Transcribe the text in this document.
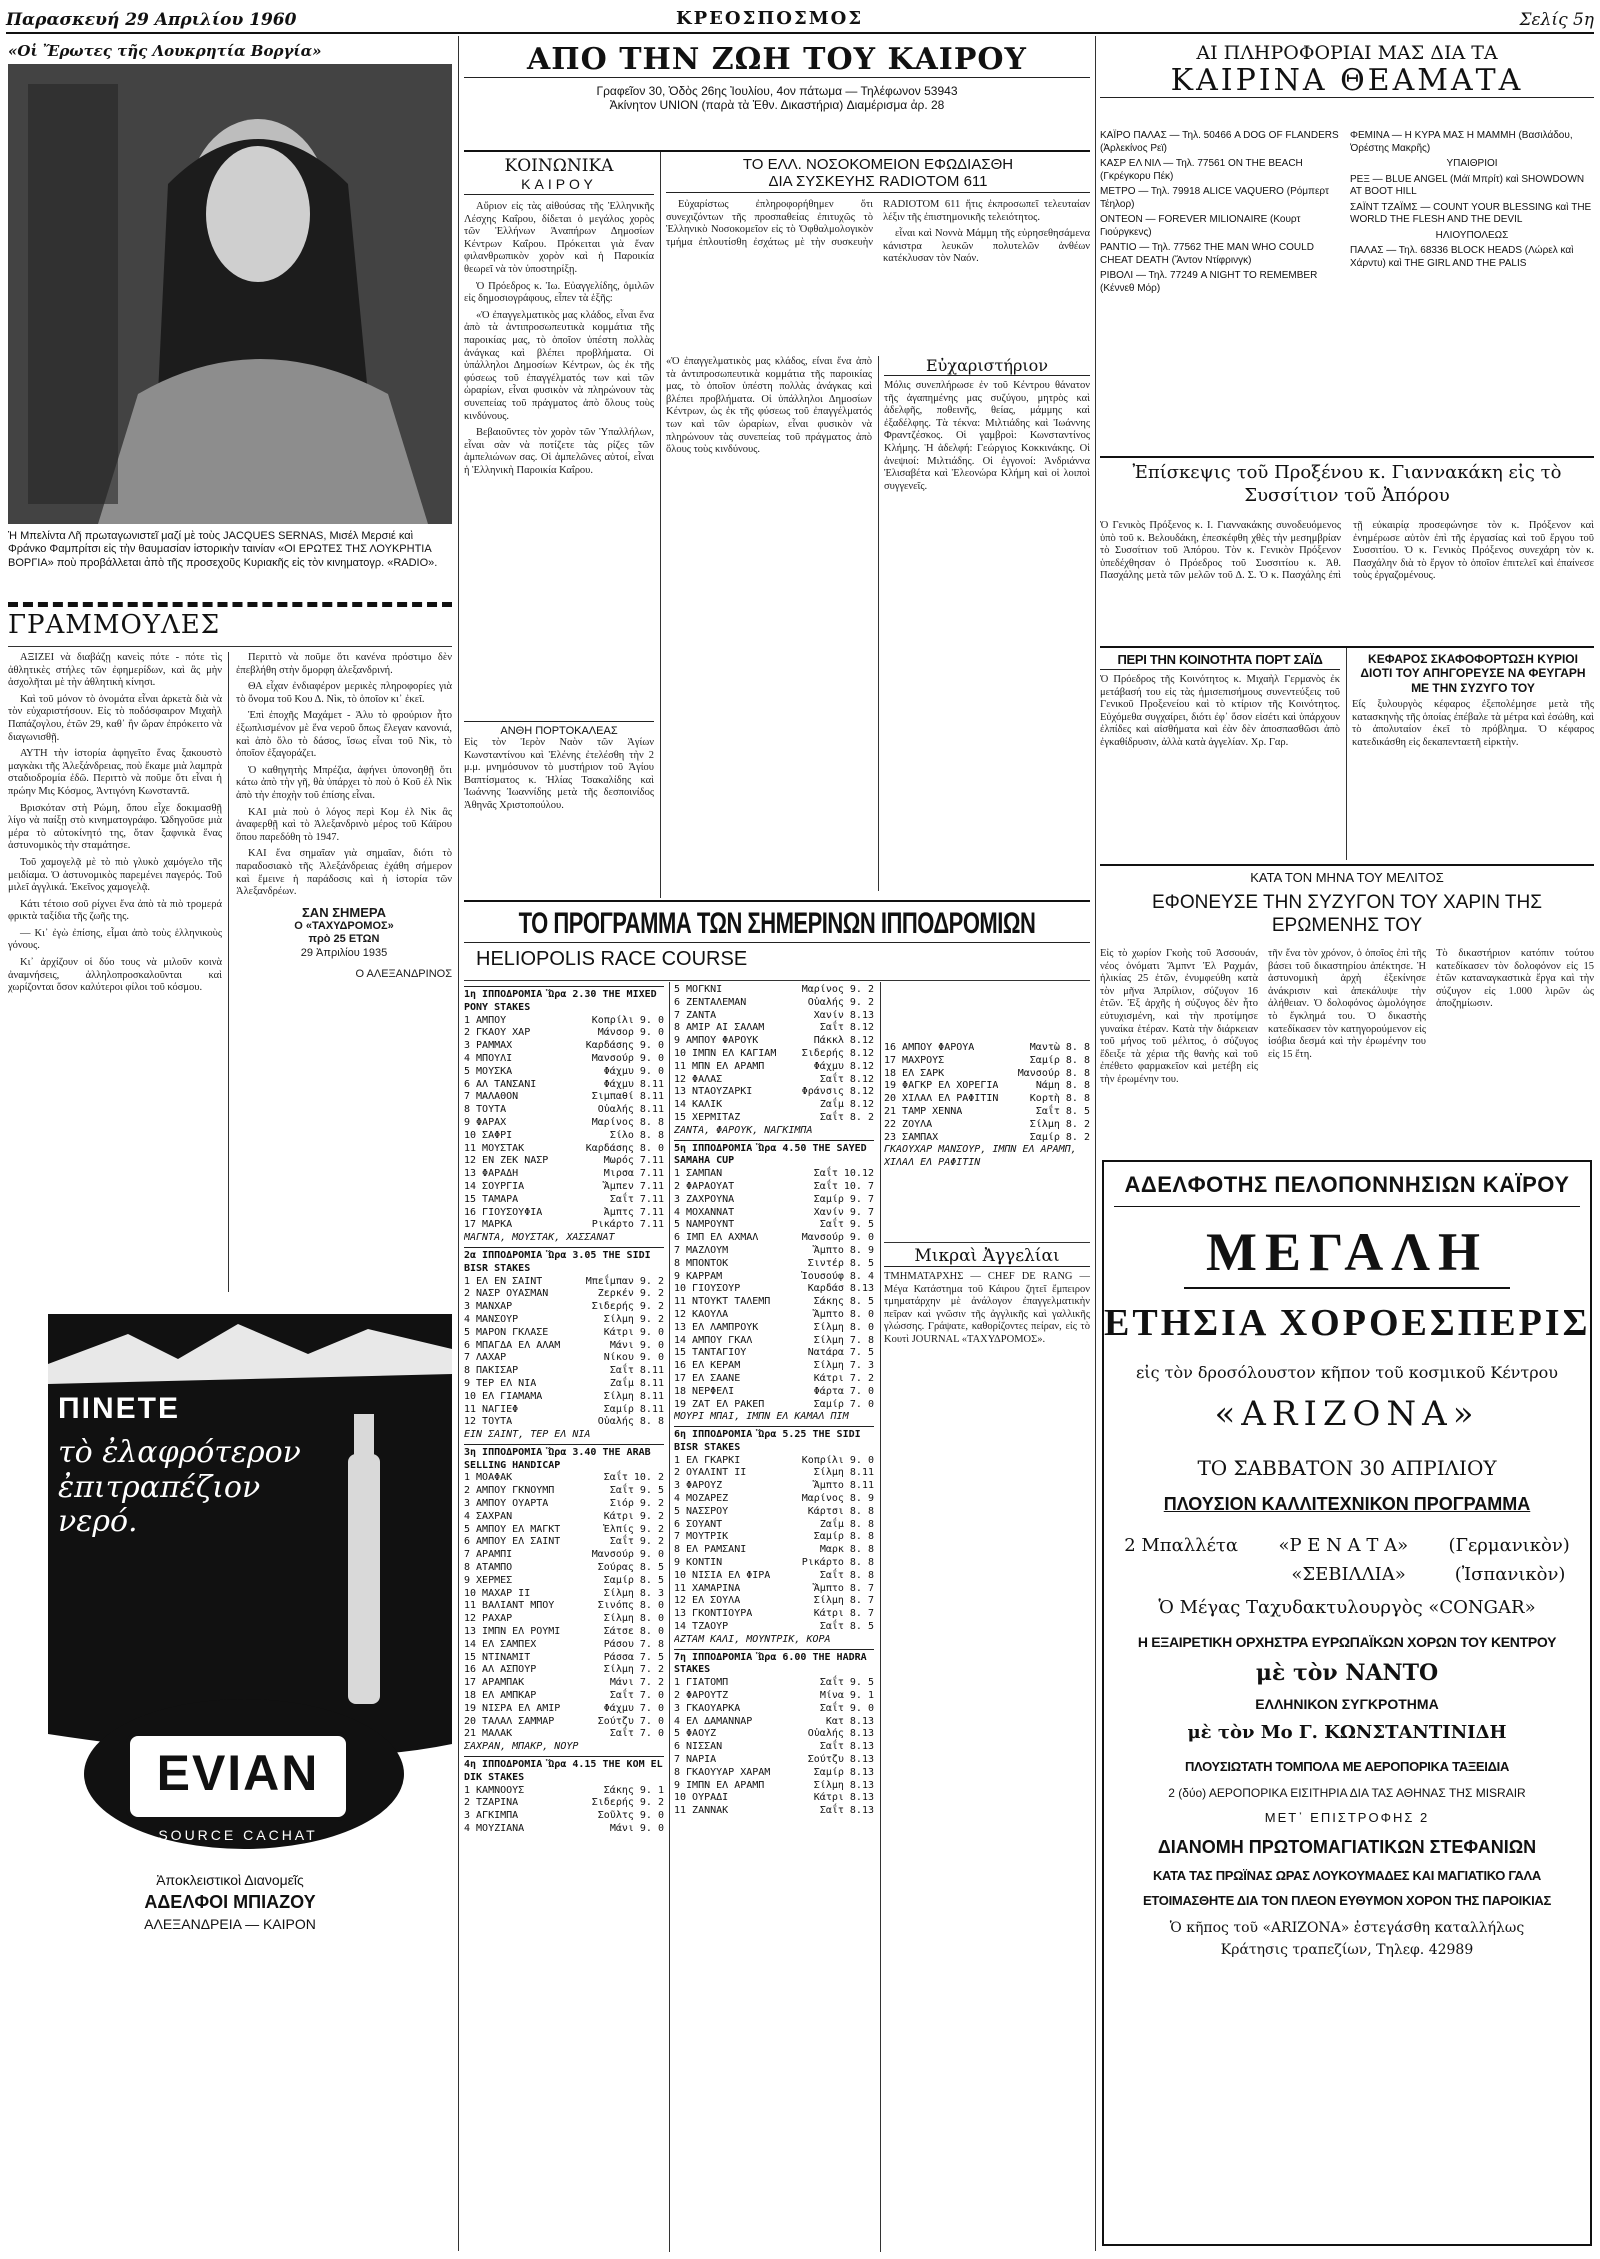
Παρασκευή 29 Απριλίου 1960	ΚΡΕΟΣΠΟΣΜΟΣ	Σελίς 5η
«Οἱ Ἔρωτες τῆς Λουκρητία Βοργία»
Ἡ Μπελίντα Λῆ πρωταγωνιστεῖ μαζί μὲ τοὺς JACQUES SERNAS, Μισέλ Μερσιέ καὶ Φράνκο Φαμπρίτσι εἰς τὴν θαυμασίαν ἱστορικὴν ταινίαν «ΟΙ ΕΡΩΤΕΣ ΤΗΣ ΛΟΥΚΡΗΤΙΑ ΒΟΡΓΙΑ» ποὺ προβάλλεται ἀπὸ τῆς προσεχοῦς Κυριακῆς εἰς τὸν κινηματογρ. «RADIO».
ΓΡΑΜΜΟΥΛΕΣ

ΑΞΙΖΕΙ νὰ διαβάζῃ κανεὶς πότε - πότε τὶς ἀθλητικὲς στήλες τῶν ἐφημερίδων, καὶ ἂς μὴν ἀσχολῆται μὲ τὴν ἀθλητικὴ κίνησι.

Καὶ τοῦ μόνον τὸ ὀνομάτα εἶναι ἀρκετὰ διὰ νὰ τὸν εὐχαριστήσουν. Εἰς τὸ ποδόσφαιρον Μιχαὴλ Παπάζογλου, ἐτῶν 29, καθ᾽ ἢν ὥραν ἐπρόκειτο νὰ διαγωνισθῇ.

ΑΥΤΗ τὴν ἱστορία ἀφηγεῖτο ἕνας ξακουστὸ μαγκὰκι τῆς Ἀλεξάνδρειας, ποὺ ἔκαμε μιὰ λαμπρὰ σταδιοδρομία ἐδῶ. Περιττὸ νὰ ποῦμε ὅτι εἶναι ἡ πρώην Μις Κόσμος, Ἀντιγόνη Κωνσταντᾶ.

Βρισκόταν στὴ Ρώμη, ὅπου εἶχε δοκιμασθῇ λίγο νὰ παίξῃ στὸ κινηματογράφο. Ὡδηγοῦσε μιὰ μέρα τὸ αὐτοκίνητό της, ὅταν ξαφνικὰ ἕνας ἀστυνομικὸς τὴν σταμάτησε.

Τοῦ χαμογελᾷ μὲ τὸ πιὸ γλυκὸ χαμόγελο τῆς μειδίαμα. Ὁ ἀστυνομικὸς παρεμένει παγερός. Τοῦ μιλεῖ ἀγγλικά. Ἐκεῖνος χαμογελᾷ.

Κάτι τέτοιο σοῦ ρίχνει ἕνα ἀπὸ τὰ πιὸ τρομερά φρικτὰ ταξίδια τῆς ζωῆς της.

— Κι᾽ ἐγὼ ἐπίσης, εἶμαι ἀπὸ τοὺς ἑλληνικοὺς γόνους.

Κι᾽ ἀρχίζουν οἱ δύο τους νὰ μιλοῦν κοινὰ ἀναμνήσεις, ἀλληλοπροσκαλοῦνται καὶ χωρίζονται ὅσον καλύτεροι φίλοι τοῦ κόσμου.

Περιττὸ νὰ ποῦμε ὅτι κανένα πρόστιμο δὲν ἐπεβλήθη στὴν ὄμορφη ἀλεξανδρινή.

ΘΑ εἶχαν ἐνδιαφέρον μερικὲς πληροφορίες γιὰ τὸ ὄνομα τοῦ Κου Δ. Νὶκ, τὸ ὁποῖον κι᾽ ἐκεῖ.

Ἐπὶ ἐποχῆς Μαχάμετ - Ἀλυ τὸ φρούριον ἦτο ἐξωπλισμένον μὲ ἕνα νεροῦ ὅπως ἔλεγαν κανονιά, καὶ ἀπὸ ὅλο τὸ δάσος, ἴσως εἶναι τοῦ Νὶκ, τὸ ὁποῖον ἐξαγοράζει.

Ὁ καθηγητὴς Μπρέζια, ἀφήνει ὑπονοηθῇ ὅτι κάτω ἀπὸ τὴν γῆ, θὰ ὑπάρχει τὸ ποὺ ὁ Κοῦ ἐλ Νὶκ ἀπὸ τὴν ἐποχὴν τοῦ ἐπίσης εἶναι.

ΚΑΙ μιὰ ποὺ ὁ λόγος περὶ Κομ ἐλ Νὶκ ἂς ἀναφερθῇ καὶ τὸ Ἀλεξανδρινὸ μέρος τοῦ Κάϊρου ὅπου παρεδόθη τὸ 1947.

ΚΑΙ ἕνα σημαῖαν γιὰ σημαῖαν, διότι τὸ παραδοσιακὸ τῆς Ἀλεξάνδρειας ἐχάθη σήμερον καὶ ἔμεινε ἡ παράδοσις καὶ ἡ ἰστορία τῶν Ἀλεξανδρέων.

ΣΑΝ ΣΗΜΕΡΑ
Ο «ΤΑΧΥΔΡΟΜΟΣ»
πρὸ 25 ΕΤΩΝ
29 Ἀπριλίου 1935
Ο ΑΛΕΞΑΝΔΡΙΝΟΣ
ΠΙΝΕΤΕ
τὸ ἐλαφρότερον ἐπιτραπέζιον νερό.
EVIAN
SOURCE CACHAT
Ἀποκλειστικοὶ Διανομεῖς
ΑΔΕΛΦΟΙ ΜΠΙΑΖΟΥ
ΑΛΕΞΑΝΔΡΕΙΑ — ΚΑΙΡΟΝ
ΑΠΟ ΤΗΝ ΖΩΗ ΤΟΥ ΚΑΙΡΟΥ
Γραφεῖον 30, Ὁδὸς 26ης Ἰουλίου, 4ον πάτωμα — Τηλέφωνον 53943
Ἀκίνητον UNION (παρὰ τὰ Ἐθν. Δικαστήρια) Διαμέρισμα ἀρ. 28
ΚΟΙΝΩΝΙΚΑ
ΚΑΙΡΟΥ

Αὔριον εἰς τὰς αἰθούσας τῆς Ἑλληνικῆς Λέσχης Καΐρου, δίδεται ὁ μεγάλος χορὸς τῶν Ἑλλήνων Ἀναπήρων Δημοσίων Κέντρων Καΐρου. Πρόκειται γιὰ ἕναν φιλανθρωπικὸν χορὸν καὶ ἡ Παροικία θεωρεῖ νὰ τὸν ὑποστηρίξῃ.

Ὁ Πρόεδρος κ. Ἰω. Εὐαγγελίδης, ὁμιλῶν εἰς δημοσιογράφους, εἶπεν τὰ ἑξῆς:

«Ὁ ἐπαγγελματικὸς μας κλάδος, εἶναι ἕνα ἀπὸ τὰ ἀντιπροσωπευτικὰ κομμάτια τῆς παροικίας μας, τὸ ὁποῖον ὑπέστη πολλὰς ἀνάγκας καὶ βλέπει προβλήματα. Οἱ ὑπάλληλοι Δημοσίων Κέντρων, ὡς ἐκ τῆς φύσεως τοῦ ἐπαγγέλματός των καὶ τῶν ὡραρίων, εἶναι φυσικὸν νὰ πληρώνουν τὰς συνεπείας τοῦ πράγματος ἀπὸ ὅλους τοὺς κινδύνους.

Βεβαιοῦντες τὸν χορὸν τῶν Ὑπαλλήλων, εἶναι σὰν νὰ ποτίζετε τὰς ρίζες τῶν ἀμπελιώνων σας. Οἱ ἀμπελῶνες αὐτοί, εἶναι ἡ Ἑλληνικὴ Παροικία Καΐρου.

ΑΝΘΗ ΠΟΡΤΟΚΑΛΕΑΣ
Εἰς τὸν Ἱερὸν Ναὸν τῶν Ἁγίων Κωνσταντίνου καὶ Ἑλένης ἐτελέσθη τὴν 2 μ.μ. μνημόσυνον τὸ μυστήριον τοῦ Ἁγίου Βαπτίσματος κ. Ἠλίας Τσακαλίδης καὶ Ἰωάννης Ἰωαννίδης μετὰ τῆς δεσποινίδος Ἀθηνᾶς Χριστοπούλου.
ΤΟ ΕΛΛ. ΝΟΣΟΚΟΜΕΙΟΝ ΕΦΩΔΙΑΣΘΗ
ΔΙΑ ΣΥΣΚΕΥΗΣ RADIOTOM 611

Εὐχαρίστως ἐπληροφορήθημεν ὅτι συνεχιζόντων τῆς προσπαθείας ἐπιτυχῶς τὸ Ἑλληνικὸ Νοσοκομεῖον εἰς τὸ Ὀφθαλμολογικὸν τμήμα ἐπλουτίσθη ἐσχάτως μὲ τὴν συσκευὴν RADIOTOM 611 ἥτις ἐκπροσωπεῖ τελευταίαν λέξιν τῆς ἐπιστημονικῆς τελειότητος.

εἶναι καὶ Νοννὰ Μάμμη τῆς εὐρησεθησάμενα κάνιστρα λευκῶν πολυτελῶν ἀνθέων κατέκλυσαν τὸν Ναόν.

«Ὁ ἐπαγγελματικὸς μας κλάδος, εἶναι ἕνα ἀπὸ τὰ ἀντιπροσωπευτικὰ κομμάτια τῆς παροικίας μας, τὸ ὁποῖον ὑπέστη πολλὰς ἀνάγκας καὶ βλέπει προβλήματα. Οἱ ὑπάλληλοι Δημοσίων Κέντρων, ὡς ἐκ τῆς φύσεως τοῦ ἐπαγγέλματός των καὶ τῶν ὡραρίων, εἶναι φυσικὸν νὰ πληρώνουν τὰς συνεπείας τοῦ πράγματος ἀπὸ ὅλους τοὺς κινδύνους.
Εὐχαριστήριον
Μόλις συνεπλήρωσε ἐν τοῦ Κέντρου θάνατον τῆς ἀγαπημένης μας συζύγου, μητρὸς καὶ ἀδελφῆς, ποθεινῆς, θείας, μάμμης καὶ ἐξαδέλφης. Τὰ τέκνα: Μιλτιάδης καὶ Ἰωάννης Φραντζέσκος. Οἱ γαμβροὶ: Κωνσταντίνος Κλήμης. Ἡ ἀδελφή: Γεώργιος Κοκκινάκης. Οἱ ἀνεψιοί: Μιλτιάδης. Οἱ ἐγγονοί: Ἀνδριάννα Ἐλισαβέτα καὶ Ἐλεονώρα Κλήμη καὶ οἱ λοιποὶ συγγενεῖς.
ΤΟ ΠΡΟΓΡΑΜΜΑ ΤΩΝ ΣΗΜΕΡΙΝΩΝ ΙΠΠΟΔΡΟΜΙΩΝ
HELIOPOLIS RACE COURSE
1η ΙΠΠΟΔΡΟΜΙΑ Ὥρα 2.30 THE MIXED PONY STAKES
1 ΑΜΠΟΥ	Κοπρίλι 9. 0
2 ΓΚΑΟΥ ΧΑΡ	Μάνσορ 9. 0
3 ΡΑΜΜΑΧ	Καρδάσης 9. 0
4 ΜΠΟΥΛΙ	Μανσούρ 9. 0
5 ΜΟΥΣΚΑ	Φάχμυ 9. 0
6 ΑΛ ΤΑΝΣΑΝΙ	Φάχμυ 8.11
7 ΜΑΛΑΘΟΝ	Σιμπαθί 8.11
8 ΤΟΥΤΑ	Οὐαλής 8.11
9 ΦΑΡΑΧ	Μαρίνος 8. 8
10 ΣΑΦΡΙ	Σίλο 8. 8
11 ΜΟΥΣΤΑΚ	Καρδάσης 8. 0
12 ΕΝ ΖΕΚ ΝΑΣΡ	Μωρός 7.11
13 ΦΑΡΑΔΗ	Μιρσα 7.11
14 ΣΟΥΡΓΙΑ	Ἄμπεν 7.11
15 ΤΑΜΑΡΑ	Σαΐτ 7.11
16 ΓΙΟΥΣΟΥΦΙΑ	Ἀμπτς 7.11
17 ΜΑΡΚΑ	Ρικάρτο 7.11
ΜΑΓΝΤΑ, ΜΟΥΣΤΑΚ, ΧΑΣΣΑΝΑΤ
2α ΙΠΠΟΔΡΟΜΙΑ Ὥρα 3.05 THE SIDI BISR STAKES
1 ΕΛ ΕΝ ΣΑΪΝΤ	Μπεΐμπαν 9. 2
2 ΝΑΣΡ ΟΥΑΣΜΑΝ	Ζερκέν 9. 2
3 ΜΑΝΧΑΡ	Σιδερής 9. 2
4 ΜΑΝΣΟΥΡ	Σίλμη 9. 2
5 ΜΑΡΟΝ ΓΚΛΑΣΕ	Κάτρι 9. 0
6 ΜΠΑΓΔΑ ΕΛ ΑΛΑΜ	Μάνι 9. 0
7 ΛΑΧΑΡ	Νίκου 9. 0
8 ΠΑΚΙΣΑΡ	Σαΐτ 8.11
9 ΤΕΡ ΕΛ ΝΙΑ	Ζαΐμ 8.11
10 ΕΛ ΓΙΑΜΑΜΑ	Σίλμη 8.11
11 ΝΑΓΙΕΦ	Σαμίρ 8.11
12 ΤΟΥΤΑ	Οὐαλής 8. 8
ΕΙΝ ΣΑΙΝΤ, ΤΕΡ ΕΛ ΝΙΑ
3η ΙΠΠΟΔΡΟΜΙΑ Ὥρα 3.40 THE ARAB SELLING HANDICAP
1 ΜΟΑΦΑΚ	Σαΐτ 10. 2
2 ΑΜΠΟΥ ΓΚΝΟΥΜΠ	Σαΐτ 9. 5
3 ΑΜΠΟΥ ΟΥΑΡΤΑ	Σιόρ 9. 2
4 ΣΑΧΡΑΝ	Κάτρι 9. 2
5 ΑΜΠΟΥ ΕΛ ΜΑΓΚΤ	Ἐλπίς 9. 2
6 ΑΜΠΟΥ ΕΛ ΣΑΙΝΤ	Σαΐτ 9. 2
7 ΑΡΑΜΠΙ	Μανσούρ 9. 0
8 ΑΤΑΜΠΟ	Σούρας 8. 5
9 ΧΕΡΜΕΣ	Σαμίρ 8. 5
10 ΜΑΧΑΡ ΙΙ	Σίλμη 8. 3
11 ΒΑΛΙΑΝΤ ΜΠΟΥ	Σινόπς 8. 0
12 ΡΑΧΑΡ	Σίλμη 8. 0
13 ΙΜΠΝ ΕΛ ΡΟΥΜΙ	Σάτσε 8. 0
14 ΕΛ ΣΑΜΠΕΧ	Ράσου 7. 8
15 ΝΤΙΝΑΜΙΤ	Ράσσα 7. 5
16 ΑΛ ΑΣΠΟΥΡ	Σίλμη 7. 2
17 ΑΡΑΜΠΑΚ	Μάνι 7. 2
18 ΕΛ ΑΜΠΚΑΡ	Σαΐτ 7. 0
19 ΝΙΣΡΑ ΕΛ ΑΜΙΡ	Φάχμυ 7. 0
20 ΤΑΛΑΛ ΣΑΜΜΑΡ	Σούτζυ 7. 0
21 ΜΑΛΑΚ	Σαΐτ 7. 0
ΣΑΧΡΑΝ, ΜΠΑΚΡ, ΝΟΥΡ
4η ΙΠΠΟΔΡΟΜΙΑ Ὥρα 4.15 THE KOM EL DIK STAKES
1 ΚΑΜΝΟΟΥΣ	Σάκης 9. 1
2 ΤΖΑΡΙΝΑ	Σιδερής 9. 2
3 ΑΓΚΙΜΠΑ	Σοῦλτς 9. 0
4 ΜΟΥΖΙΑΝΑ	Μάνι 9. 0
5 ΜΟΓΚΝΙ	Μαρίνος 9. 2
6 ΖΕΝΤΑΛΕΜΑΝ	Οὐαλής 9. 2
7 ΖΑΝΤΑ	Χανίν 8.13
8 ΑΜΙΡ ΑΙ ΣΑΛΑΜ	Σαΐτ 8.12
9 ΑΜΠΟΥ ΦΑΡΟΥΚ	Πάκκλ 8.12
10 ΙΜΠΝ ΕΛ ΚΑΓΙΑΜ	Σιδερής 8.12
11 ΜΠΝ ΕΛ ΑΡΑΜΠ	Φάχμυ 8.12
12 ΦΑΛΑΣ	Σαΐτ 8.12
13 ΝΤΑΟΥΖΑΡΚΙ	Φράνσις 8.12
14 ΚΑΛΙΚ	Ζαΐμ 8.12
15 ΧΕΡΜΙΤΑΖ	Σαΐτ 8. 2
ΖΑΝΤΑ, ΦΑΡΟΥΚ, ΝΑΓΚΙΜΠΑ
5η ΙΠΠΟΔΡΟΜΙΑ Ὥρα 4.50 THE SAYED SAMAHA CUP
1 ΣΑΜΠΑΝ	Σαΐτ 10.12
2 ΦΑΡΑΟΥΑΤ	Σαΐτ 10. 7
3 ΖΑΧΡΟΥΝΑ	Σαμίρ 9. 7
4 ΜΟΧΑΝΝΑΤ	Χανίν 9. 7
5 ΝΑΜΡΟΥΝΤ	Σαΐτ 9. 5
6 ΙΜΠ ΕΛ ΑΧΜΑΛ	Μανσούρ 9. 0
7 ΜΑΖΛΟΥΜ	Ἄμπτο 8. 9
8 ΜΠΟΝΤΟΚ	Σιντέρ 8. 5
9 ΚΑΡΡΑΜ	Ἰουσούφ 8. 4
10 ΓΙΟΥΣΟΥΡ	Καρδάσ 8.13
11 ΝΤΟΥΚΤ ΤΑΛΕΜΠ	Σάκης 8. 5
12 ΚΑΟΥΛΑ	Ἄμπτο 8. 0
13 ΕΛ ΛΑΜΠΡΟΥΚ	Σίλμη 8. 0
14 ΑΜΠΟΥ ΓΚΑΛ	Σίλμη 7. 8
15 ΤΑΝΤΑΓΙΟΥ	Νατάρα 7. 5
16 ΕΛ ΚΕΡΑΜ	Σίλμη 7. 3
17 ΕΛ ΣΑΑΝΕ	Κάτρι 7. 2
18 ΝΕΡΦΕΛΙ	Φάρτα 7. 0
19 ΖΑΤ ΕΛ ΡΑΚΕΠ	Σαμίρ 7. 0
ΜΟΥΡΙ ΜΠΑΙ, ΙΜΠΝ ΕΛ ΚΑΜΑΛ ΠΙΜ
6η ΙΠΠΟΔΡΟΜΙΑ Ὥρα 5.25 THE SIDI BISR STAKES
1 ΕΛ ΓΚΑΡΚΙ	Κοπρίλι 9. 0
2 ΟΥΑΛΙΝΤ ΙΙ	Σίλμη 8.11
3 ΦΑΡΟΥΖ	Ἄμπτο 8.11
4 ΜΟΖΑΡΕΖ	Μαρίνος 8. 9
5 ΝΑΣΣΡΟΥ	Κάρτσι 8. 8
6 ΣΟΥΑΝΤ	Ζαΐμ 8. 8
7 ΜΟΥΤΡΙΚ	Σαμίρ 8. 8
8 ΕΛ ΡΑΜΣΑΝΙ	Μαρκ 8. 8
9 ΚΟΝΤΙΝ	Ρικάρτο 8. 8
10 ΝΙΣΙΑ ΕΛ ΦΙΡΑ	Σαΐτ 8. 8
11 ΧΑΜΑΡΙΝΑ	Ἄμπτο 8. 7
12 ΕΛ ΣΟΥΛΑ	Σίλμη 8. 7
13 ΓΚΟΝΤΙΟΥΡΑ	Κάτρι 8. 7
14 ΤΖΑΟΥΡ	Σαΐτ 8. 5
ΑΖΤΑΜ ΚΑΛΙ, ΜΟΥΝΤΡΙΚ, ΚΟΡΑ
7η ΙΠΠΟΔΡΟΜΙΑ Ὥρα 6.00 THE HADRA STAKES
1 ΓΙΑΤΟΜΠ	Σαΐτ 9. 5
2 ΦΑΡΟΥΤΖ	Μίνα 9. 1
3 ΓΚΑΟΥΑΡΚΑ	Σαΐτ 9. 0
4 ΕΛ ΔΑΜΑΝΝΑΡ	Κατ 8.13
5 ΦΑΟΥΖ	Οὐαλής 8.13
6 ΝΙΣΣΑΝ	Σαΐτ 8.13
7 ΝΑΡΙΑ	Σούτζυ 8.13
8 ΓΚΑΟΥΥΑΡ ΧΑΡΑΜ	Σαμίρ 8.13
9 ΙΜΠΝ ΕΛ ΑΡΑΜΠ	Σίλμη 8.13
10 ΟΥΡΑΔΙ	Κάτρι 8.13
11 ΖΑΝΝΑΚ	Σαΐτ 8.13
16 ΑΜΠΟΥ ΦΑΡΟΥΑ	Μαντὼ 8. 8
17 ΜΑΧΡΟΥΣ	Σαμίρ 8. 8
18 ΕΛ ΣΑΡΚ	Μανσούρ 8. 8
19 ΦΑΓΚΡ ΕΛ ΧΟΡΕΓΙΑ	Νάμη 8. 8
20 ΧΙΛΑΛ ΕΛ ΡΑΦΙΤΙΝ	Κορτὴ 8. 8
21 ΤΑΜΡ ΧΕΝΝΑ	Σαΐτ 8. 5
22 ΖΟΥΛΑ	Σίλμη 8. 2
23 ΣΑΜΠΑΧ	Σαμίρ 8. 2
ΓΚΑΟΥΧΑΡ ΜΑΝΣΟΥΡ, ΙΜΠΝ ΕΛ ΑΡΑΜΠ, ΧΙΛΑΛ ΕΛ ΡΑΦΙΤΙΝ
Μικραὶ Ἀγγελίαι
ΤΜΗΜΑΤΑΡΧΗΣ — CHEF DE RANG — Μέγα Κατάστημα τοῦ Κάιρου ζητεῖ ἔμπειρον τμηματάρχην μὲ ἀνάλογον ἐπαγγελματικὴν πεῖραν καὶ γνῶσιν τῆς ἀγγλικῆς καὶ γαλλικῆς γλώσσης. Γράψατε, καθορίζοντες πείραν, εἰς τὸ Κουτὶ JOURNAL «ΤΑΧΥΔΡΟΜΟΣ».
ΑΙ ΠΛΗΡΟΦΟΡΙΑΙ ΜΑΣ ΔΙΑ ΤΑ
ΚΑΙΡΙΝΑ ΘΕΑΜΑΤΑ
ΚΑΪΡΟ ΠΑΛΑΣ — Τηλ. 50466 A DOG OF FLANDERS (Ἀρλεκίνος Ρεϊ)
ΚΑΣΡ ΕΛ ΝΙΛ — Τηλ. 77561 ON THE BEACH (Γκρέγκορυ Πέκ)
ΜΕΤΡΟ — Τηλ. 79918 ALICE VAQUERO (Ρόμπερτ Τέηλορ)
ΟΝΤΕΟΝ — FOREVER MILIONAIRE (Κουρτ Γιούργκενς)
ΡΑΝΤΙΟ — Τηλ. 77562 THE MAN WHO COULD CHEAT DEATH (Ἄντον Ντίφρινγκ)
ΡΙΒΟΛΙ — Τηλ. 77249 A NIGHT TO REMEMBER (Κέννεθ Μόρ)
ΦΕΜΙΝΑ — Η ΚΥΡΑ ΜΑΣ Η ΜΑΜΜΗ (Βασιλάδου, Ὀρέστης Μακρῆς)
ΥΠΑΙΘΡΙΟΙ
ΡΕΞ — BLUE ANGEL (Μάϊ Μπρίτ) καὶ SHOWDOWN AT BOOT HILL
ΣΑΪΝΤ ΤΖΑΪΜΣ — COUNT YOUR BLESSING καὶ THE WORLD THE FLESH AND THE DEVIL
ΗΛΙΟΥΠΟΛΕΩΣ
ΠΑΛΑΣ — Τηλ. 68336 BLOCK HEADS (Λώρελ καὶ Χάρντυ) καὶ THE GIRL AND THE PALIS
Ἐπίσκεψις τοῦ Προξένου κ. Γιαννακάκη εἰς τὸ Συσσίτιον τοῦ Ἀπόρου
Ὁ Γενικὸς Πρόξενος κ. Ι. Γιαννακάκης συνοδευόμενος ὑπὸ τοῦ κ. Βελουδάκη, ἐπεσκέφθη χθὲς τὴν μεσημβρίαν τὸ Συσσίτιον τοῦ Ἀπόρου. Τὸν κ. Γενικὸν Πρόξενον ὑπεδέχθησαν ὁ Πρόεδρος τοῦ Συσσιτίου κ. Ἀθ. Πασχάλης μετὰ τῶν μελῶν τοῦ Δ. Σ. Ὁ κ. Πασχάλης ἐπὶ τῇ εὐκαιρίᾳ προσεφώνησε τὸν κ. Πρόξενον καὶ ἐνημέρωσε αὐτὸν ἐπὶ τῆς ἐργασίας καὶ τοῦ ἔργου τοῦ Συσσιτίου. Ὁ κ. Γενικὸς Πρόξενος συνεχάρη τὸν κ. Πασχάλην διὰ τὸ ἔργον τὸ ὁποῖον ἐπιτελεῖ καὶ ἐπαίνεσε τοὺς ἐργαζομένους.
ΠΕΡΙ ΤΗΝ ΚΟΙΝΟΤΗΤΑ ΠΟΡΤ ΣΑΪΔ
Ὁ Πρόεδρος τῆς Κοινότητος κ. Μιχαὴλ Γερμανὸς ἐκ μετάβασή του εἰς τὰς ἡμισεπισήμους συνεντεύξεις τοῦ Γενικοῦ Προξενείου καὶ τὸ κτίριον τῆς Κοινότητος. Εὐχόμεθα συγχαίρει, διότι ἐφ᾽ ὅσον εἰσέτι καὶ ὑπάρχουν ἐλπίδες καὶ αἰσθήματα καὶ ἐὰν δὲν ἀποσπασθῶσι ἀπὸ ἐγκαθίδρυσιν, ἀλλὰ κατὰ ἀγγελίαν. Χρ. Γαρ.
ΚΕΦΑΡΟΣ ΣΚΑΦΟΦΟΡΤΩΣΗ ΚΥΡΙΟΙ ΔΙΟΤΙ ΤΟΥ ΑΠΗΓΟΡΕΥΣΕ ΝΑ ΦΕΥΓΑΡΗ ΜΕ ΤΗΝ ΣΥΖΥΓΟ ΤΟΥ
Εἷς ξυλουργὸς κέφαρος ἐξεπολέμησε μετὰ τῆς κατασκηνὴς τῆς ὁποίας ἐπέβαλε τὰ μέτρα καὶ ἐσώθη, καὶ τὸ ἀπολυταίον ἐκεῖ τὸ πρόβλημα. Ὁ κέφαρος κατεδικάσθη εἰς δεκαπενταετῆ εἰρκτὴν.
ΚΑΤΑ ΤΟΝ ΜΗΝΑ ΤΟΥ ΜΕΛΙΤΟΣ
ΕΦΟΝΕΥΣΕ ΤΗΝ ΣΥΖΥΓΟΝ ΤΟΥ ΧΑΡΙΝ ΤΗΣ ΕΡΩΜΕΝΗΣ ΤΟΥ
Εἰς τὸ χωρίον Γκοὴς τοῦ Ἀσσουάν, νέος ὀνόματι Ἄμπντ Ἐλ Ραχμάν, ἡλικίας 25 ἐτῶν, ἐνυμφεύθη κατὰ τὸν μῆνα Ἀπρίλιον, σύζυγον 16 ἐτῶν. Ἐξ ἀρχῆς ἡ σύζυγος δὲν ἦτο εὐτυχισμένη, καὶ τὴν προτίμησε γυναίκα ἑτέραν. Κατὰ τὴν διάρκειαν τοῦ μήνος τοῦ μέλιτος, ὁ σύζυγος ἔδειξε τὰ χέρια τῆς θανὴς καὶ τοῦ ἐπέθετο φαρμακεῖον καὶ μετέβη εἰς τὴν ἐρωμένην του.
τῆν ἕνα τὸν χρόνον, ὁ ὁποῖος ἐπὶ τῆς βάσει τοῦ δικαστηρίου ἀπέκτησε. Ἡ ἀστυνομικὴ ἀρχὴ ἐξεκίνησε ἀνάκρισιν καὶ ἀπεκάλυψε τὴν ἀλήθειαν. Ὁ δολοφόνος ὡμολόγησε τὸ ἔγκλημά του. Ὁ δικαστὴς κατεδίκασεν τὸν κατηγορούμενον εἰς ἰσόβια δεσμά καὶ τὴν ἐρωμένην του εἰς 15 ἔτη.
Τὸ δικαστήριον κατόπιν τούτου κατεδίκασεν τὸν δολοφόνον εἰς 15 ἐτῶν καταναγκαστικὰ ἔργα καὶ τὴν σύζυγον εἰς 1.000 λιρῶν ὡς ἀποζημίωσιν.
ΑΔΕΛΦΟΤΗΣ ΠΕΛΟΠΟΝΝΗΣΙΩΝ ΚΑΪΡΟΥ
ΜΕΓΑΛΗ
ΕΤΗΣΙΑ ΧΟΡΟΕΣΠΕΡΙΣ
εἰς τὸν δροσόλουστον κῆπον τοῦ κοσμικοῦ Κέντρου
«ΑRΙΖΟΝΑ»
ΤΟ ΣΑΒΒΑΤΟΝ 30 ΑΠΡΙΛΙΟΥ
ΠΛΟΥΣΙΟΝ ΚΑΛΛΙΤΕΧΝΙΚΟΝ ΠΡΟΓΡΑΜΜΑ
2 Μπαλλέτα «Ρ Ε Ν Α Τ Α» (Γερμανικὸν)
«ΣΕΒΙΛΛΙΑ»	(Ἰσπανικὸν)
Ὁ Μέγας Ταχυδακτυλουργὸς «CONGAR»
Η ΕΞΑΙΡΕΤΙΚΗ ΟΡΧΗΣΤΡΑ ΕΥΡΩΠΑΪΚΩΝ ΧΟΡΩΝ ΤΟΥ ΚΕΝΤΡΟΥ
μὲ τὸν ΝΑΝΤΟ
ΕΛΛΗΝΙΚΟΝ ΣΥΓΚΡΟΤΗΜΑ
μὲ τὸν Μο Γ. ΚΩΝΣΤΑΝΤΙΝΙΔΗ
ΠΛΟΥΣΙΩΤΑΤΗ ΤΟΜΠΟΛΑ ΜΕ ΑΕΡΟΠΟΡΙΚΑ ΤΑΞΕΙΔΙΑ
2 (δύο) ΑΕΡΟΠΟΡΙΚΑ ΕΙΣΙΤΗΡΙΑ ΔΙΑ ΤΑΣ ΑΘΗΝΑΣ ΤΗΣ MISRAIR
ΜΕΤ᾽ ΕΠΙΣΤΡΟΦΗΣ 2
ΔΙΑΝΟΜΗ ΠΡΩΤΟΜΑΓΙΑΤΙΚΩΝ ΣΤΕΦΑΝΙΩΝ
ΚΑΤΑ ΤΑΣ ΠΡΩΪΝΑΣ ΩΡΑΣ ΛΟΥΚΟΥΜΑΔΕΣ ΚΑΙ ΜΑΓΙΑΤΙΚΟ ΓΑΛΑ
ΕΤΟΙΜΑΣΘΗΤΕ ΔΙΑ ΤΟΝ ΠΛΕΟΝ ΕΥΘΥΜΟΝ ΧΟΡΟΝ ΤΗΣ ΠΑΡΟΙΚΙΑΣ
Ὁ κῆπος τοῦ «ARIZONA» ἐστεγάσθη καταλλήλως
Κράτησις τραπεζίων, Τηλεφ. 42989
